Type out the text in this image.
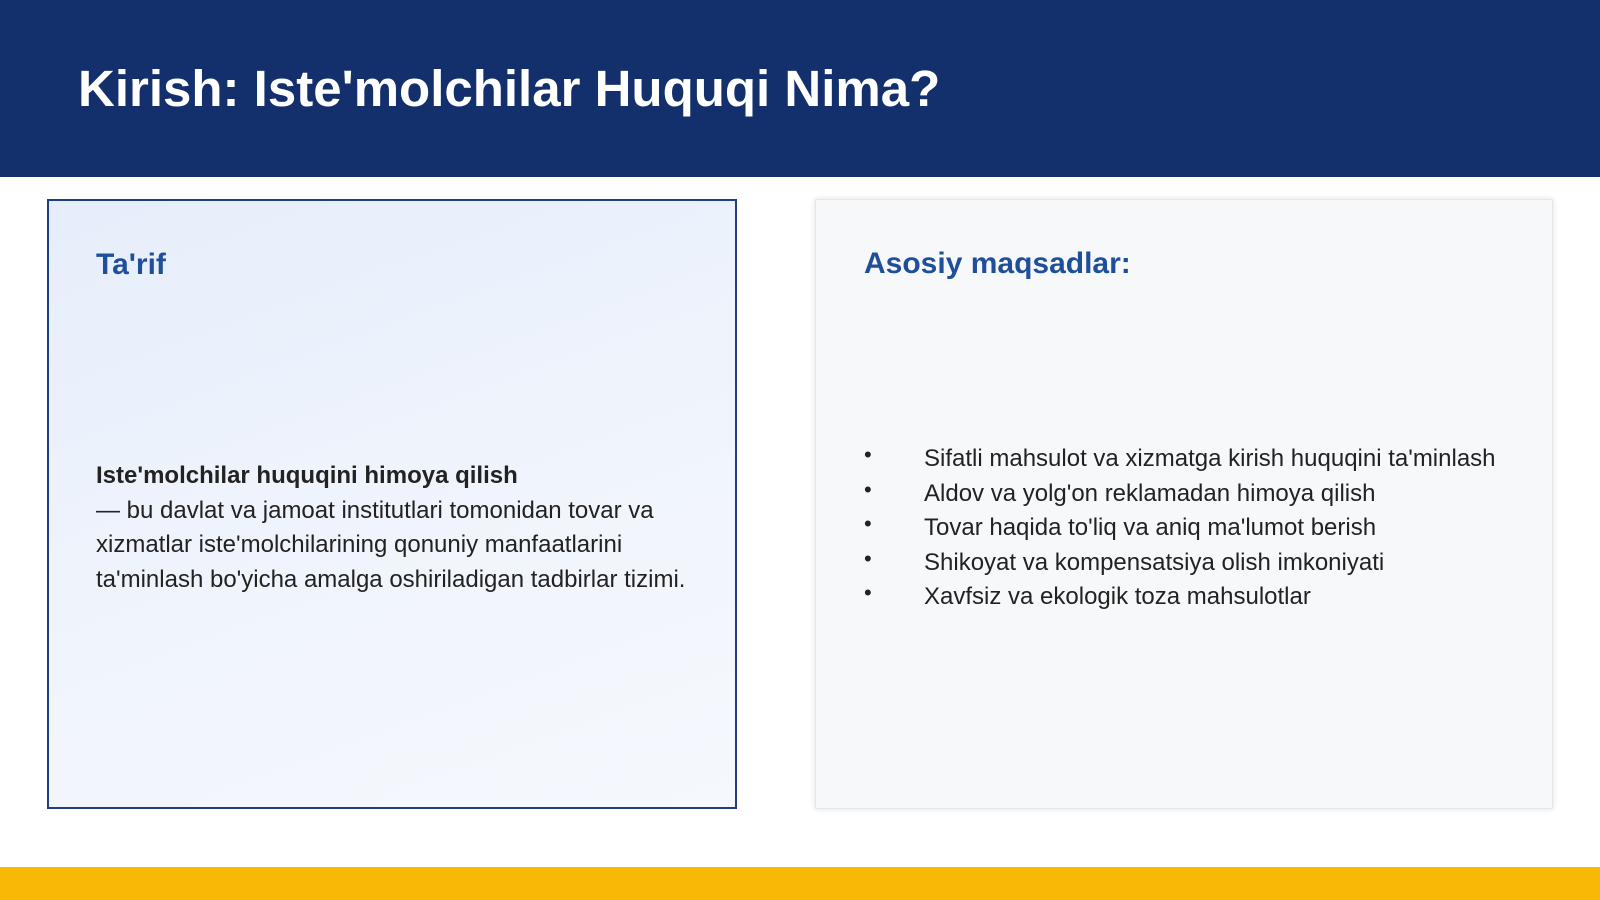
Kirish: Iste'molchilar Huquqi Nima?
Ta'rif
Iste'molchilar huquqini himoya qilish
— bu davlat va jamoat institutlari tomonidan tovar va xizmatlar iste'molchilarining qonuniy manfaatlarini ta'minlash bo'yicha amalga oshiriladigan tadbirlar tizimi.
Asosiy maqsadlar:
• Sifatli mahsulot va xizmatga kirish huquqini ta'minlash
• Aldov va yolg'on reklamadan himoya qilish
• Tovar haqida to'liq va aniq ma'lumot berish
• Shikoyat va kompensatsiya olish imkoniyati
• Xavfsiz va ekologik toza mahsulotlar
